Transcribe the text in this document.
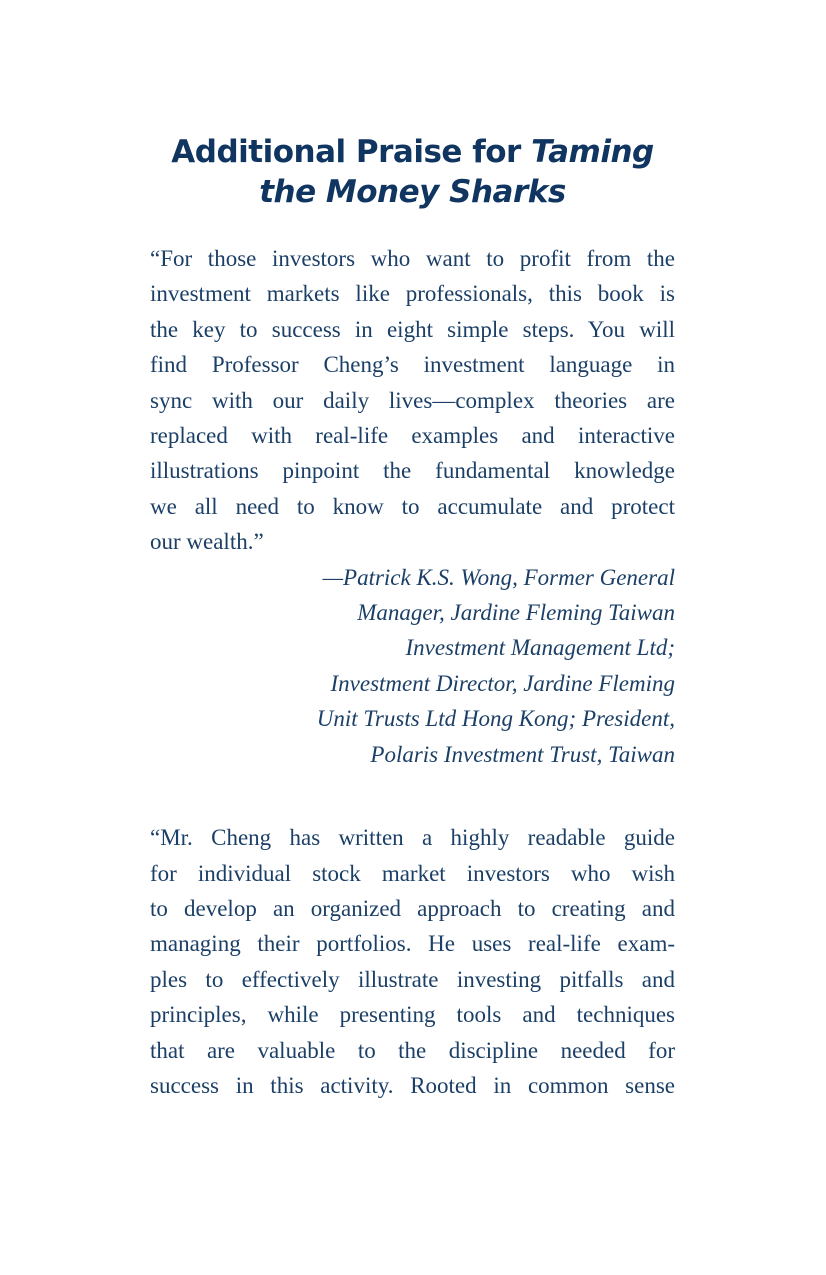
Additional Praise for Taming
the Money Sharks

“For those investors who want to profit from the
investment markets like professionals, this book is
the key to success in eight simple steps. You will
find Professor Cheng’s investment language in
sync with our daily lives—complex theories are
replaced with real-life examples and interactive
illustrations pinpoint the fundamental knowledge
we all need to know to accumulate and protect
our wealth.”

—Patrick K.S. Wong, Former General
Manager, Jardine Fleming Taiwan
Investment Management Ltd;
Investment Director, Jardine Fleming
Unit Trusts Ltd Hong Kong; President,
Polaris Investment Trust, Taiwan

“Mr. Cheng has written a highly readable guide
for individual stock market investors who wish
to develop an organized approach to creating and
managing their portfolios. He uses real-life exam-
ples to effectively illustrate investing pitfalls and
principles, while presenting tools and techniques
that are valuable to the discipline needed for
success in this activity. Rooted in common sense
